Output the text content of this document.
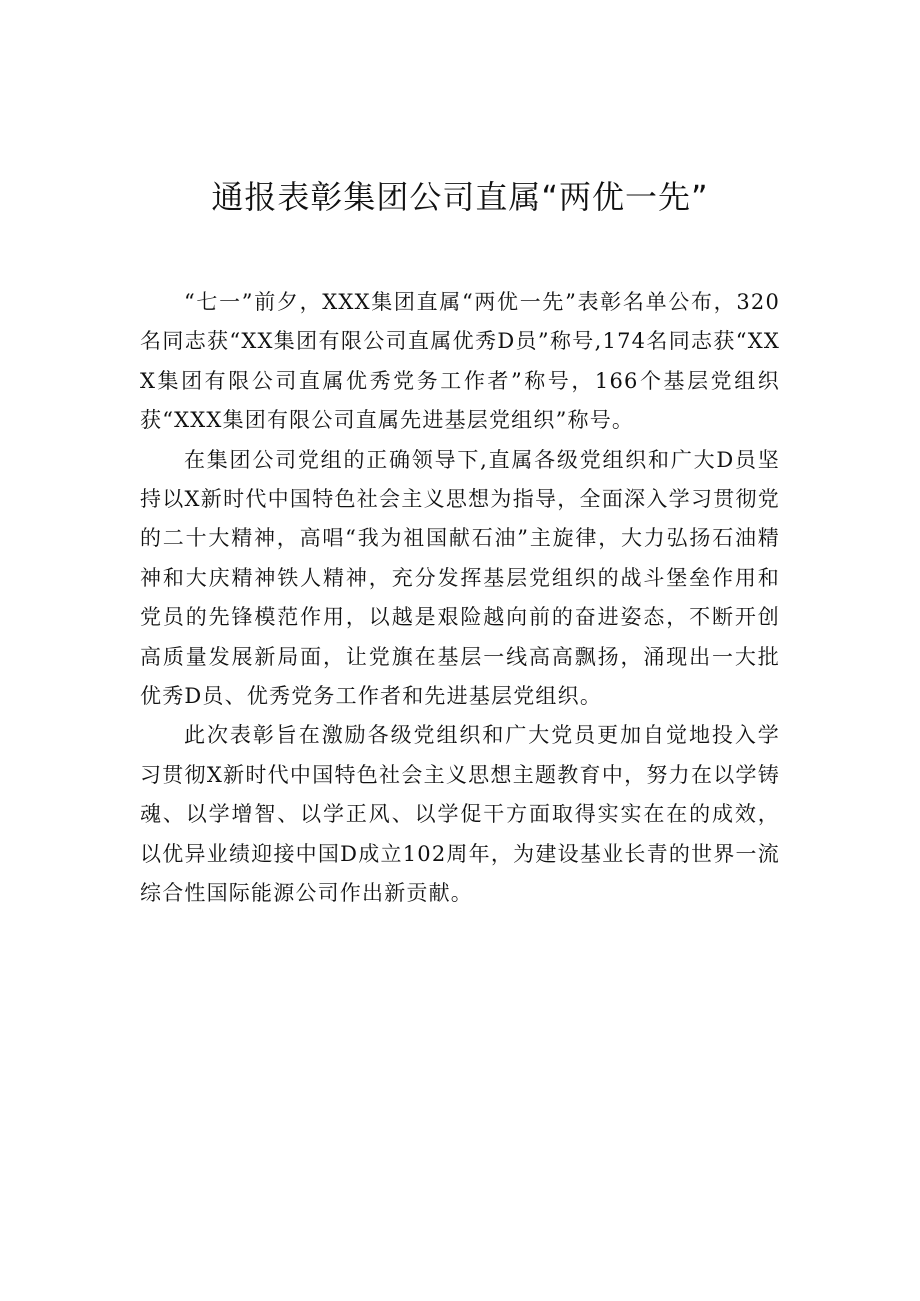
通报表彰集团公司直属“两优一先”

“七一”前夕，XXX集团直属“两优一先”表彰名单公布，320名同志获“XX集团有限公司直属优秀D员”称号,174名同志获“XXX集团有限公司直属优秀党务工作者”称号，166个基层党组织获“XXX集团有限公司直属先进基层党组织”称号。

在集团公司党组的正确领导下,直属各级党组织和广大D员坚持以X新时代中国特色社会主义思想为指导，全面深入学习贯彻党的二十大精神，高唱“我为祖国献石油”主旋律，大力弘扬石油精神和大庆精神铁人精神，充分发挥基层党组织的战斗堡垒作用和党员的先锋模范作用，以越是艰险越向前的奋进姿态，不断开创高质量发展新局面，让党旗在基层一线高高飘扬，涌现出一大批优秀D员、优秀党务工作者和先进基层党组织。

此次表彰旨在激励各级党组织和广大党员更加自觉地投入学习贯彻X新时代中国特色社会主义思想主题教育中，努力在以学铸魂、以学增智、以学正风、以学促干方面取得实实在在的成效，以优异业绩迎接中国D成立102周年，为建设基业长青的世界一流综合性国际能源公司作出新贡献。
